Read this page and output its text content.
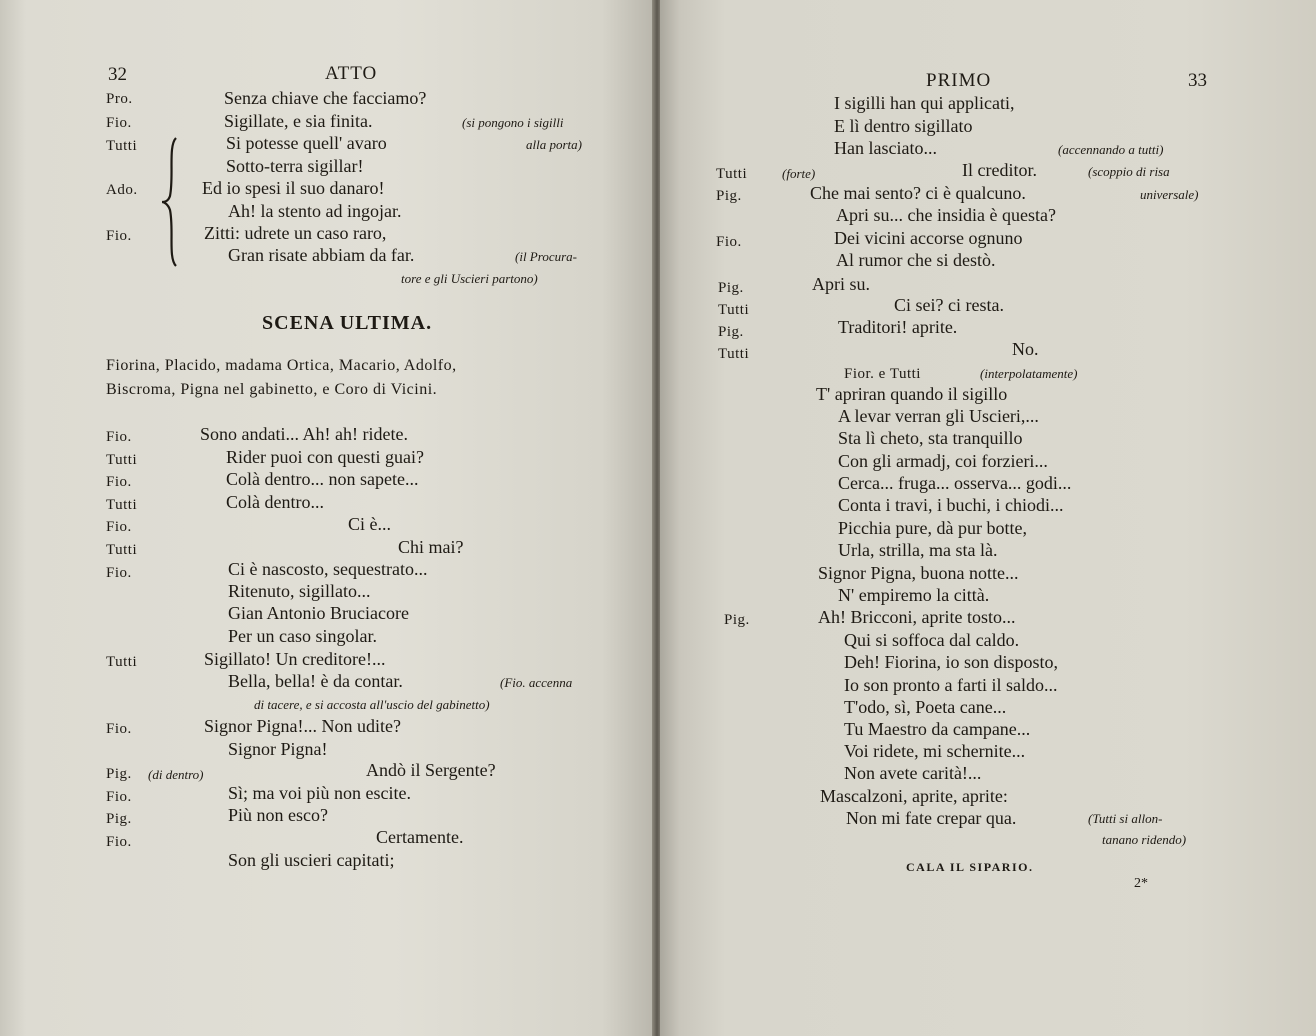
32	ATTO
Pro.	Senza chiave che facciamo?
Fio.	Sigillate, e sia finita.	(si pongono i sigilli
Tutti	Si potesse quell' avaro	alla porta)
Sotto-terra sigillar!
Ado.	Ed io spesi il suo danaro!
Ah! la stento ad ingojar.
Fio.	Zitti: udrete un caso raro,
Gran risate abbiam da far.	(il Procura-
tore e gli Uscieri partono)
SCENA ULTIMA.
Fiorina, Placido, madama Ortica, Macario, Adolfo,
Biscroma, Pigna nel gabinetto, e Coro di Vicini.
Fio.	Sono andati... Ah! ah! ridete.
Tutti	Rider puoi con questi guai?
Fio.	Colà dentro... non sapete...
Tutti	Colà dentro...
Fio.	Ci è...
Tutti	Chi mai?
Fio.	Ci è nascosto, sequestrato...
Ritenuto, sigillato...
Gian Antonio Bruciacore
Per un caso singolar.
Tutti	Sigillato! Un creditore!...
Bella, bella! è da contar.	(Fio. accenna
di tacere, e si accosta all'uscio del gabinetto)
Fio.	Signor Pigna!... Non udite?
Signor Pigna!
Pig. (di dentro)	Andò il Sergente?
Fio.	Sì; ma voi più non escite.
Pig.	Più non esco?
Fio.	Certamente.
Son gli uscieri capitati;
PRIMO	33
I sigilli han qui applicati,
E lì dentro sigillato
Han lasciato...	(accennando a tutti)
Tutti	(forte)	Il creditor.	(scoppio di risa
Pig.	Che mai sento? ci è qualcuno.	universale)
Apri su... che insidia è questa?
Fio.	Dei vicini accorse ognuno
Al rumor che si destò.
Pig.	Apri su.
Tutti	Ci sei? ci resta.
Pig.	Traditori! aprite.
Tutti	No.
Fior. e Tutti	(interpolatamente)
T' apriran quando il sigillo
A levar verran gli Uscieri,...
Sta lì cheto, sta tranquillo
Con gli armadj, coi forzieri...
Cerca... fruga... osserva... godi...
Conta i travi, i buchi, i chiodi...
Picchia pure, dà pur botte,
Urla, strilla, ma sta là.
Signor Pigna, buona notte...
N' empiremo la città.
Pig.	Ah! Bricconi, aprite tosto...
Qui si soffoca dal caldo.
Deh! Fiorina, io son disposto,
Io son pronto a farti il saldo...
T'odo, sì, Poeta cane...
Tu Maestro da campane...
Voi ridete, mi schernite...
Non avete carità!...
Mascalzoni, aprite, aprite:
Non mi fate crepar qua.	(Tutti si allon-
tanano ridendo)
CALA IL SIPARIO.
2*
